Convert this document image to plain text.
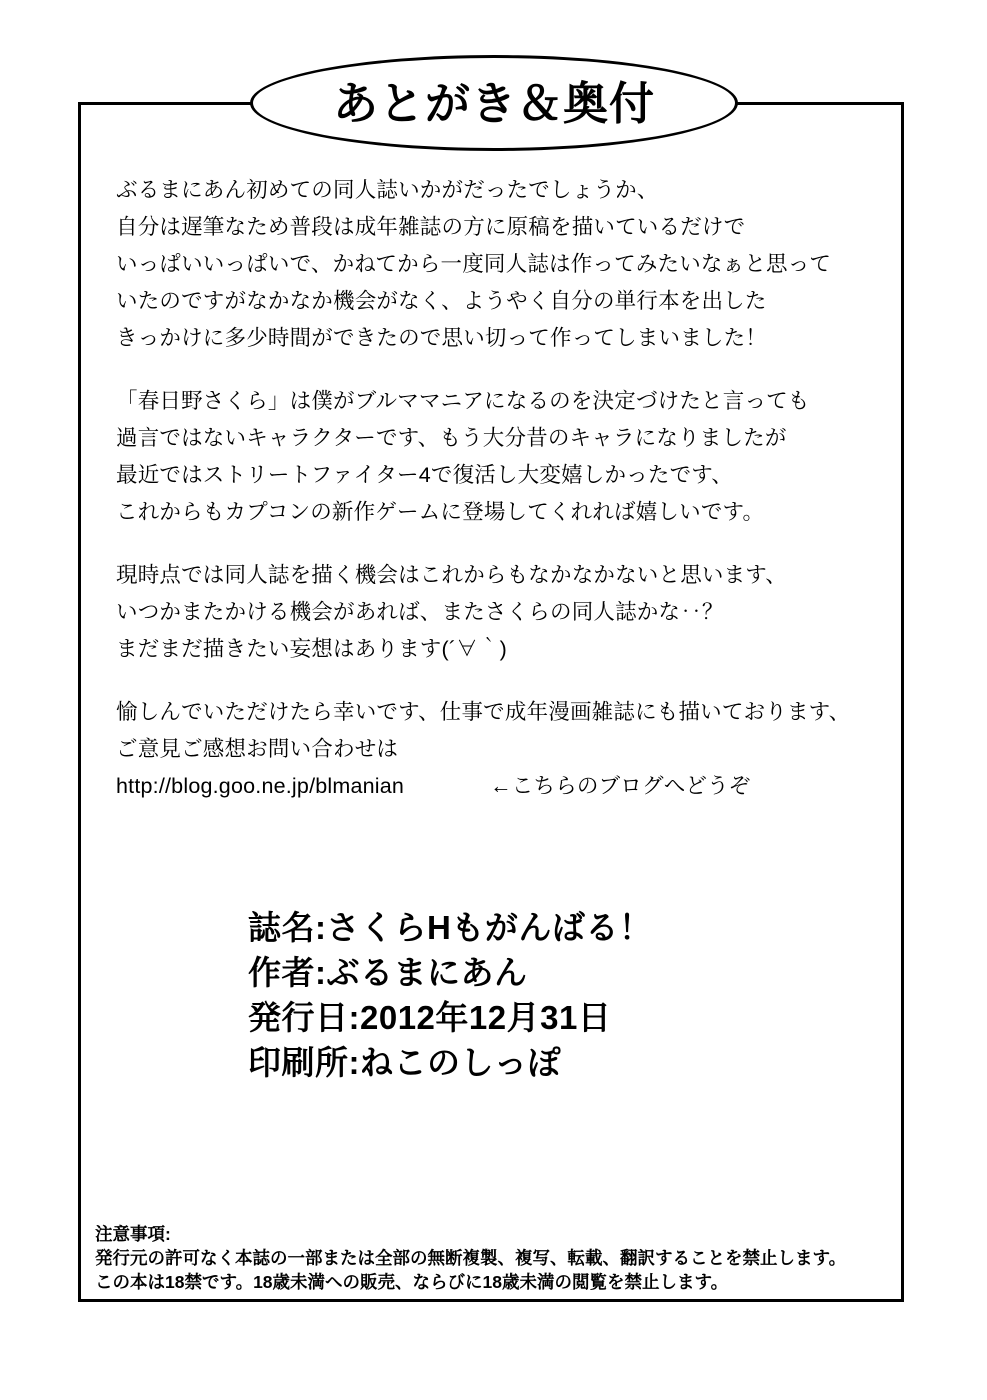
あとがき＆奥付
ぶるまにあん初めての同人誌いかがだったでしょうか、
自分は遅筆なため普段は成年雑誌の方に原稿を描いているだけで
いっぱいいっぱいで、かねてから一度同人誌は作ってみたいなぁと思って
いたのですがなかなか機会がなく、ようやく自分の単行本を出した
きっかけに多少時間ができたので思い切って作ってしまいました！
「春日野さくら」は僕がブルママニアになるのを決定づけたと言っても
過言ではないキャラクターです、もう大分昔のキャラになりましたが
最近ではストリートファイター4で復活し大変嬉しかったです、
これからもカプコンの新作ゲームに登場してくれれば嬉しいです。
現時点では同人誌を描く機会はこれからもなかなかないと思います、
いつかまたかける機会があれば、またさくらの同人誌かな‥？
まだまだ描きたい妄想はあります(´∀｀)
愉しんでいただけたら幸いです、仕事で成年漫画雑誌にも描いております、
ご意見ご感想お問い合わせは
http://blog.goo.ne.jp/blmanian	←こちらのブログへどうぞ
誌名:さくらHもがんばる！
作者:ぶるまにあん
発行日:2012年12月31日
印刷所:ねこのしっぽ
注意事項:
発行元の許可なく本誌の一部または全部の無断複製、複写、転載、翻訳することを禁止します。
この本は18禁です。18歳未満への販売、ならびに18歳未満の閲覧を禁止します。
